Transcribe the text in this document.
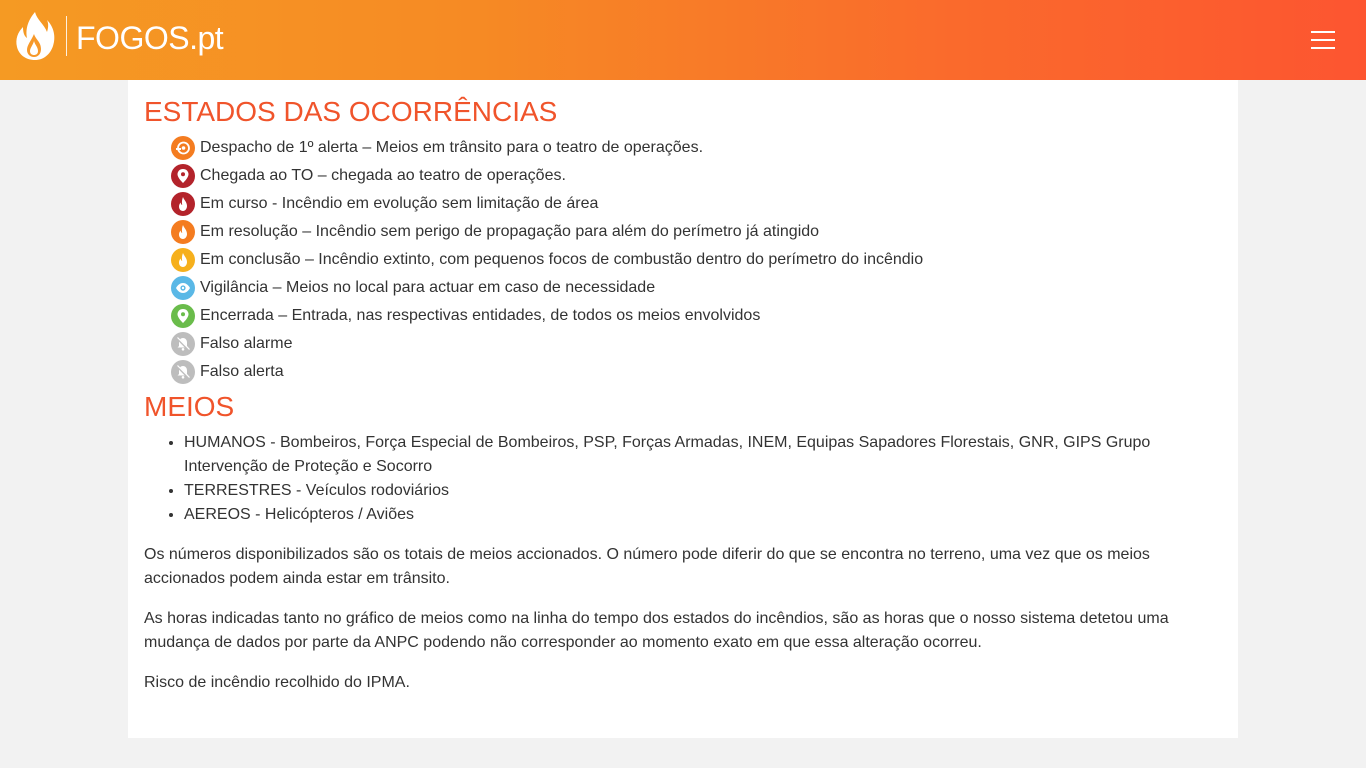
FOGOS.pt
ESTADOS DAS OCORRÊNCIAS
Despacho de 1º alerta – Meios em trânsito para o teatro de operações.
Chegada ao TO – chegada ao teatro de operações.
Em curso - Incêndio em evolução sem limitação de área
Em resolução – Incêndio sem perigo de propagação para além do perímetro já atingido
Em conclusão – Incêndio extinto, com pequenos focos de combustão dentro do perímetro do incêndio
Vigilância – Meios no local para actuar em caso de necessidade
Encerrada – Entrada, nas respectivas entidades, de todos os meios envolvidos
Falso alarme
Falso alerta
MEIOS
• HUMANOS - Bombeiros, Força Especial de Bombeiros, PSP, Forças Armadas, INEM, Equipas Sapadores Florestais, GNR, GIPS Grupo Intervenção de Proteção e Socorro
• TERRESTRES - Veículos rodoviários
• AEREOS - Helicópteros / Aviões

Os números disponibilizados são os totais de meios accionados. O número pode diferir do que se encontra no terreno, uma vez que os meios accionados podem ainda estar em trânsito.

As horas indicadas tanto no gráfico de meios como na linha do tempo dos estados do incêndios, são as horas que o nosso sistema detetou uma mudança de dados por parte da ANPC podendo não corresponder ao momento exato em que essa alteração ocorreu.

Risco de incêndio recolhido do IPMA.
